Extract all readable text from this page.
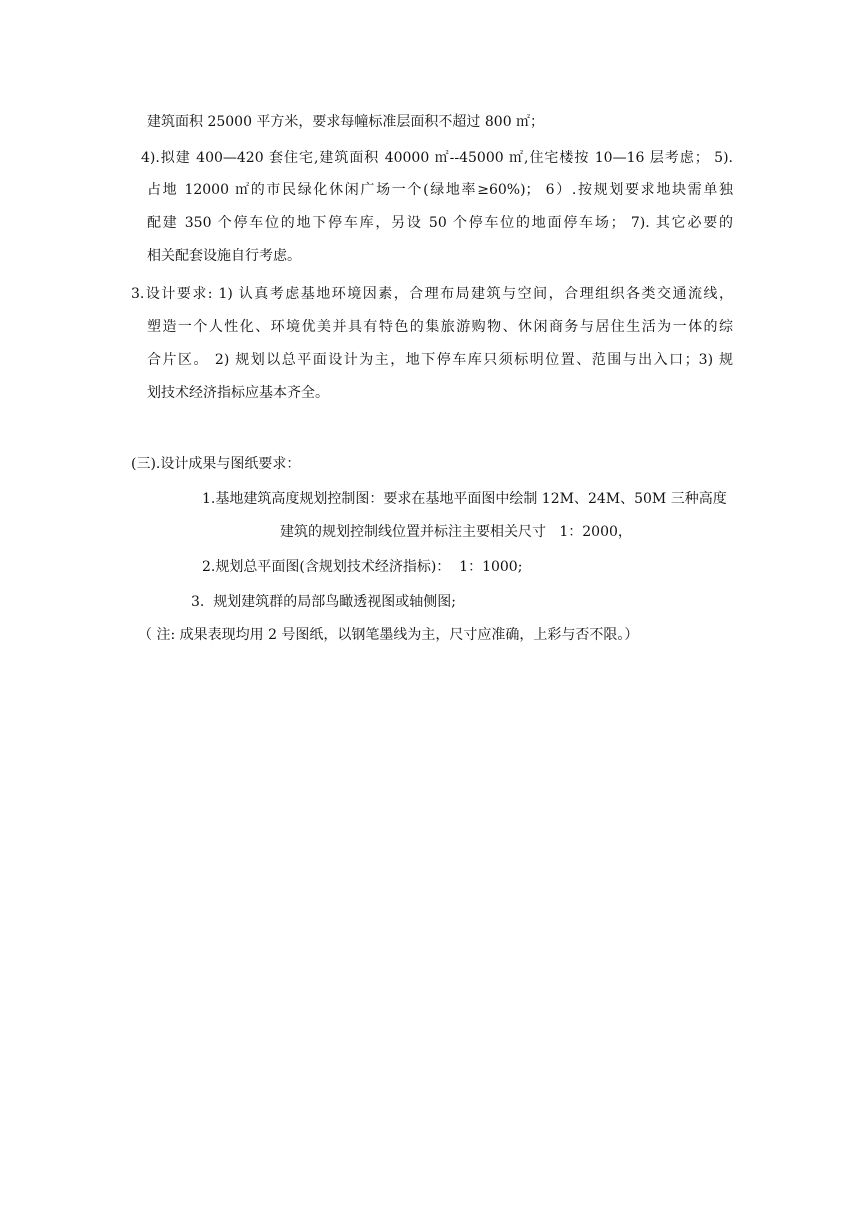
建筑面积 25000 平方米，要求每幢标准层面积不超过 800 ㎡；
4).拟建 400—420 套住宅,建筑面积 40000 ㎡--45000 ㎡,住宅楼按 10—16 层考虑； 5).
占地 12000 ㎡的市民绿化休闲广场一个(绿地率≥60%)； 6）.按规划要求地块需单独
配建 350 个停车位的地下停车库，另设 50 个停车位的地面停车场； 7). 其它必要的
相关配套设施自行考虑。
3.设计要求: 1) 认真考虑基地环境因素，合理布局建筑与空间，合理组织各类交通流线，
塑造一个人性化、环境优美并具有特色的集旅游购物、休闲商务与居住生活为一体的综
合片区。 2) 规划以总平面设计为主，地下停车库只须标明位置、范围与出入口；3) 规
划技术经济指标应基本齐全。
(三).设计成果与图纸要求：
1.基地建筑高度规划控制图：要求在基地平面图中绘制 12M、24M、50M 三种高度
建筑的规划控制线位置并标注主要相关尺寸   1：2000，
2.规划总平面图(含规划技术经济指标)：  1：1000;
3.  规划建筑群的局部鸟瞰透视图或轴侧图;
（ 注: 成果表现均用 2 号图纸，以钢笔墨线为主，尺寸应准确，上彩与否不限。）
